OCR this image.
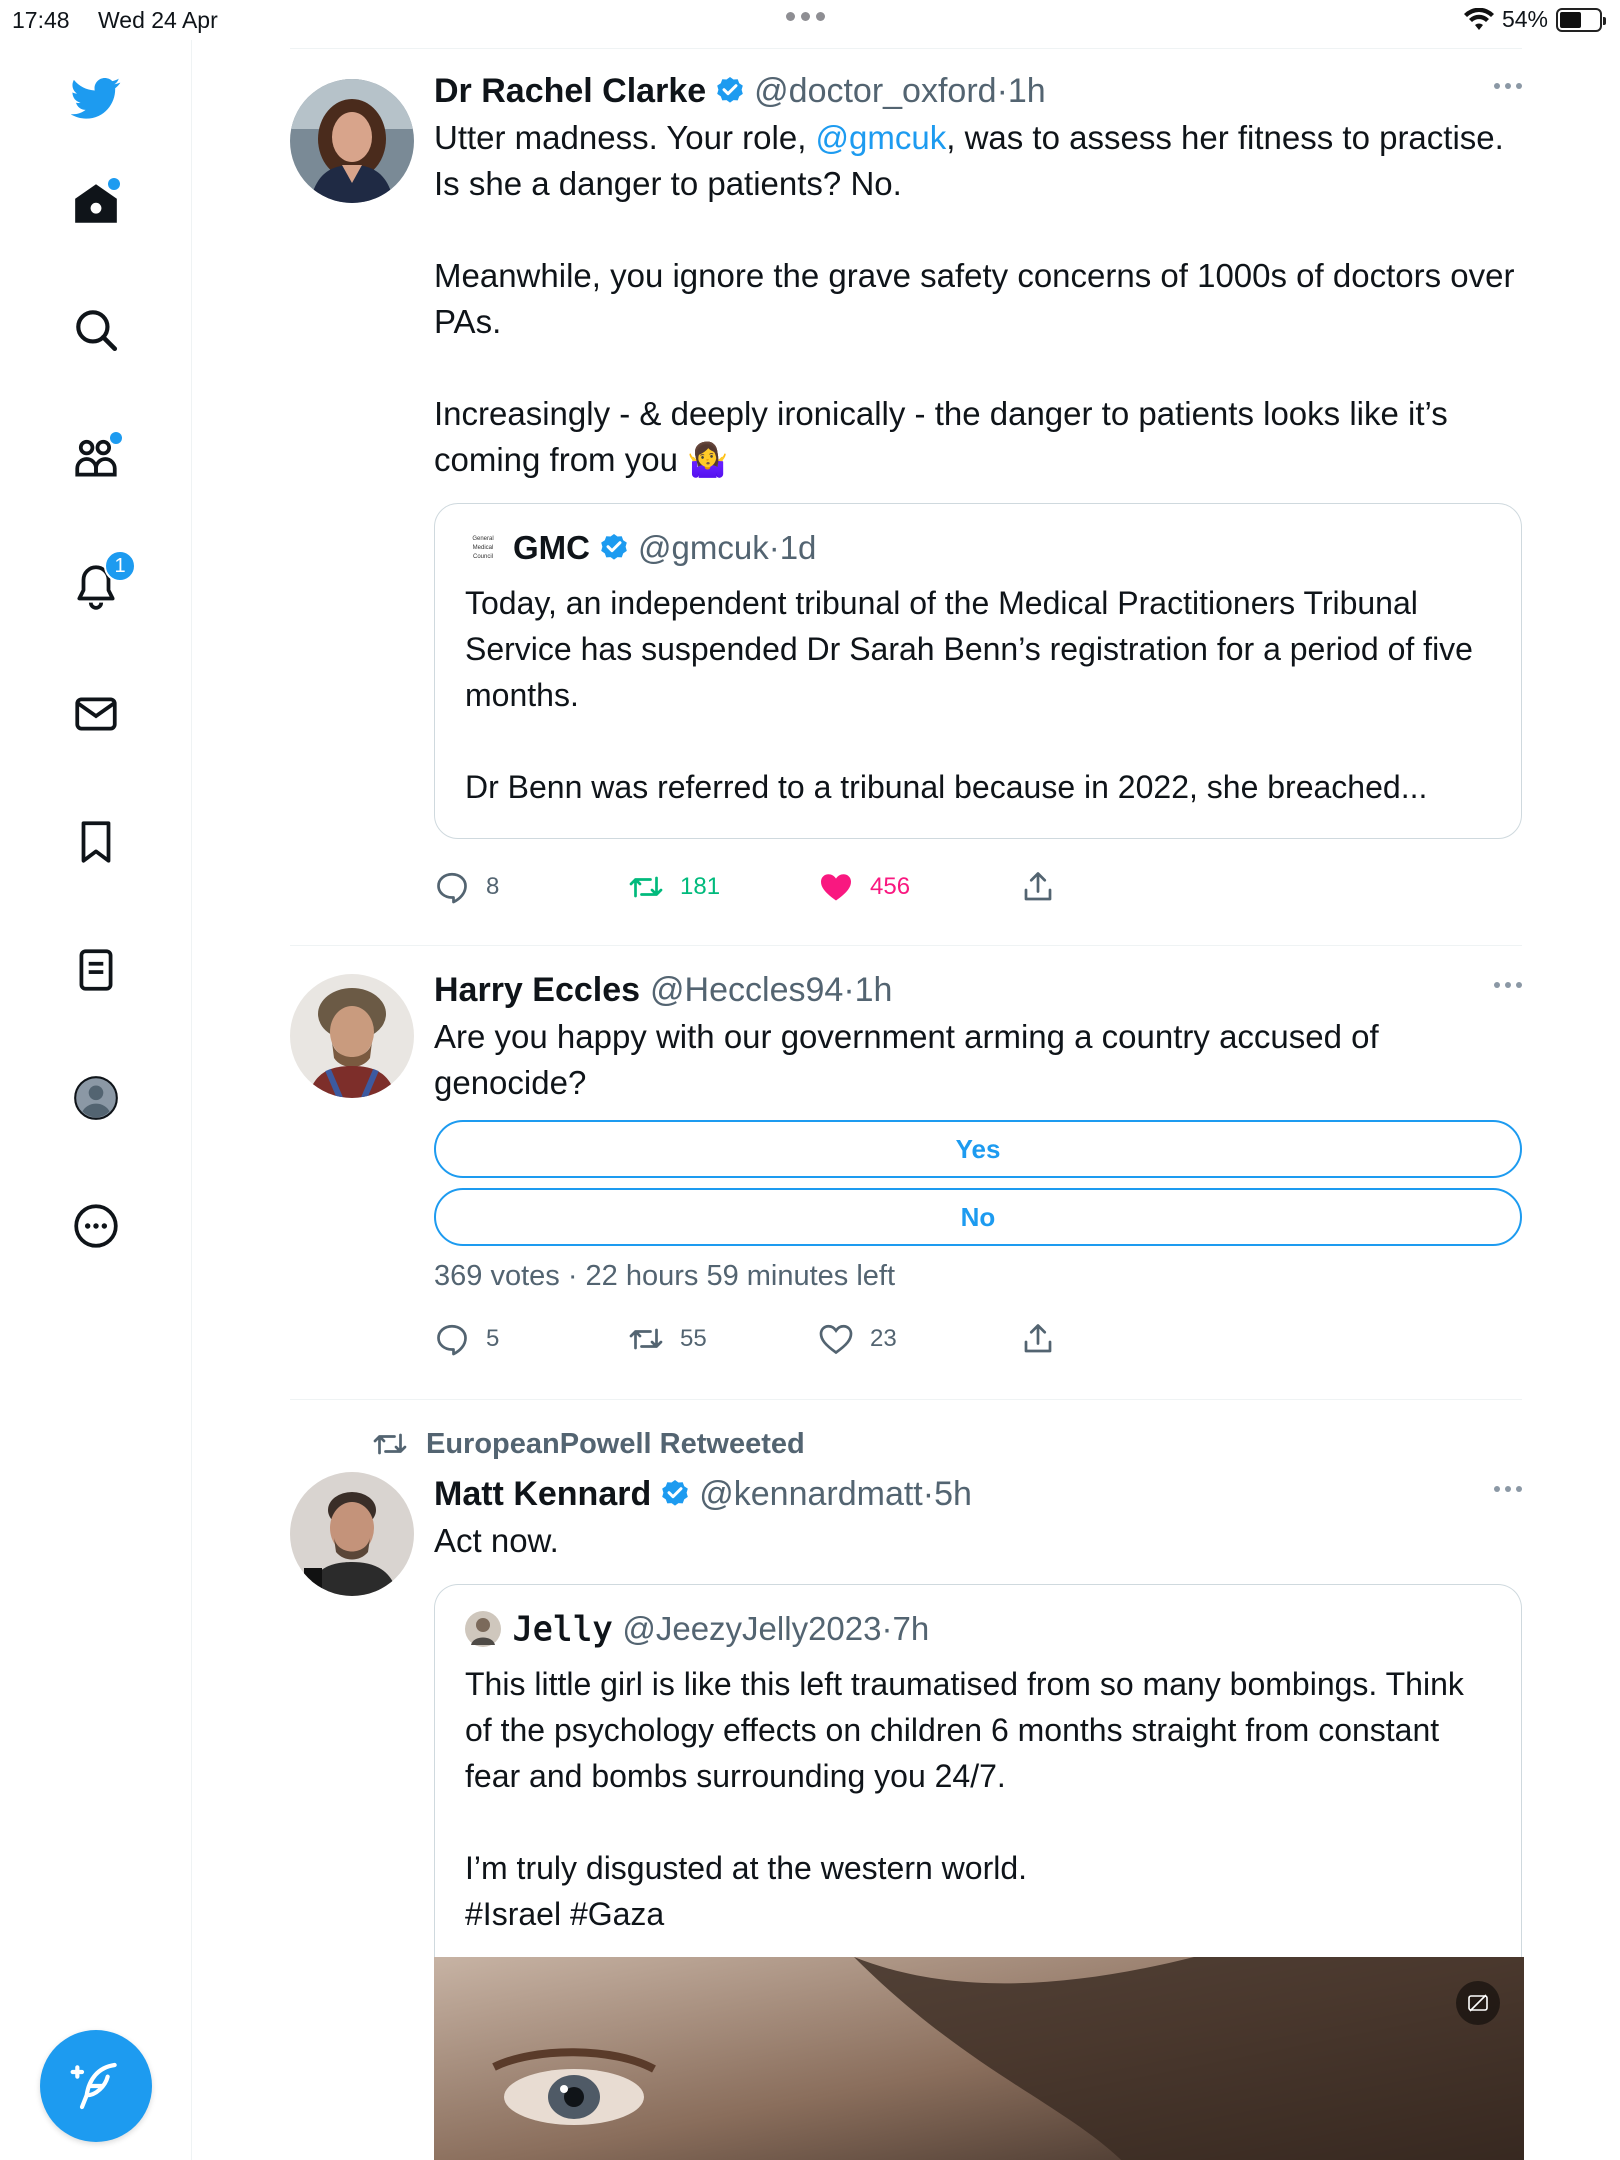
17:48 Wed 24 Apr	54%
1
Dr Rachel Clarke @doctor_oxford · 1h
Utter madness. Your role, @gmcuk, was to assess her fitness to practise. Is she a danger to patients? No.

Meanwhile, you ignore the grave safety concerns of 1000s of doctors over PAs.

Increasingly - & deeply ironically - the danger to patients looks like it’s coming from you 🤷‍♀️
General
Medical
Council GMC @gmcuk · 1d
Today, an independent tribunal of the Medical Practitioners Tribunal Service has suspended Dr Sarah Benn’s registration for a period of five months.

Dr Benn was referred to a tribunal because in 2022, she breached...
8	181	456
Harry Eccles @Heccles94 · 1h
Are you happy with our government arming a country accused of genocide?
Yes
No
369 votes · 22 hours 59 minutes left
5	55	23
EuropeanPowell Retweeted
Matt Kennard @kennardmatt · 5h
Act now.
𝙹𝚎𝚕𝚕𝚢 @JeezyJelly2023 · 7h
This little girl is like this left traumatised from so many bombings. Think of the psychology effects on children 6 months straight from constant fear and bombs surrounding you 24/7.

I’m truly disgusted at the western world.
#Israel #Gaza
